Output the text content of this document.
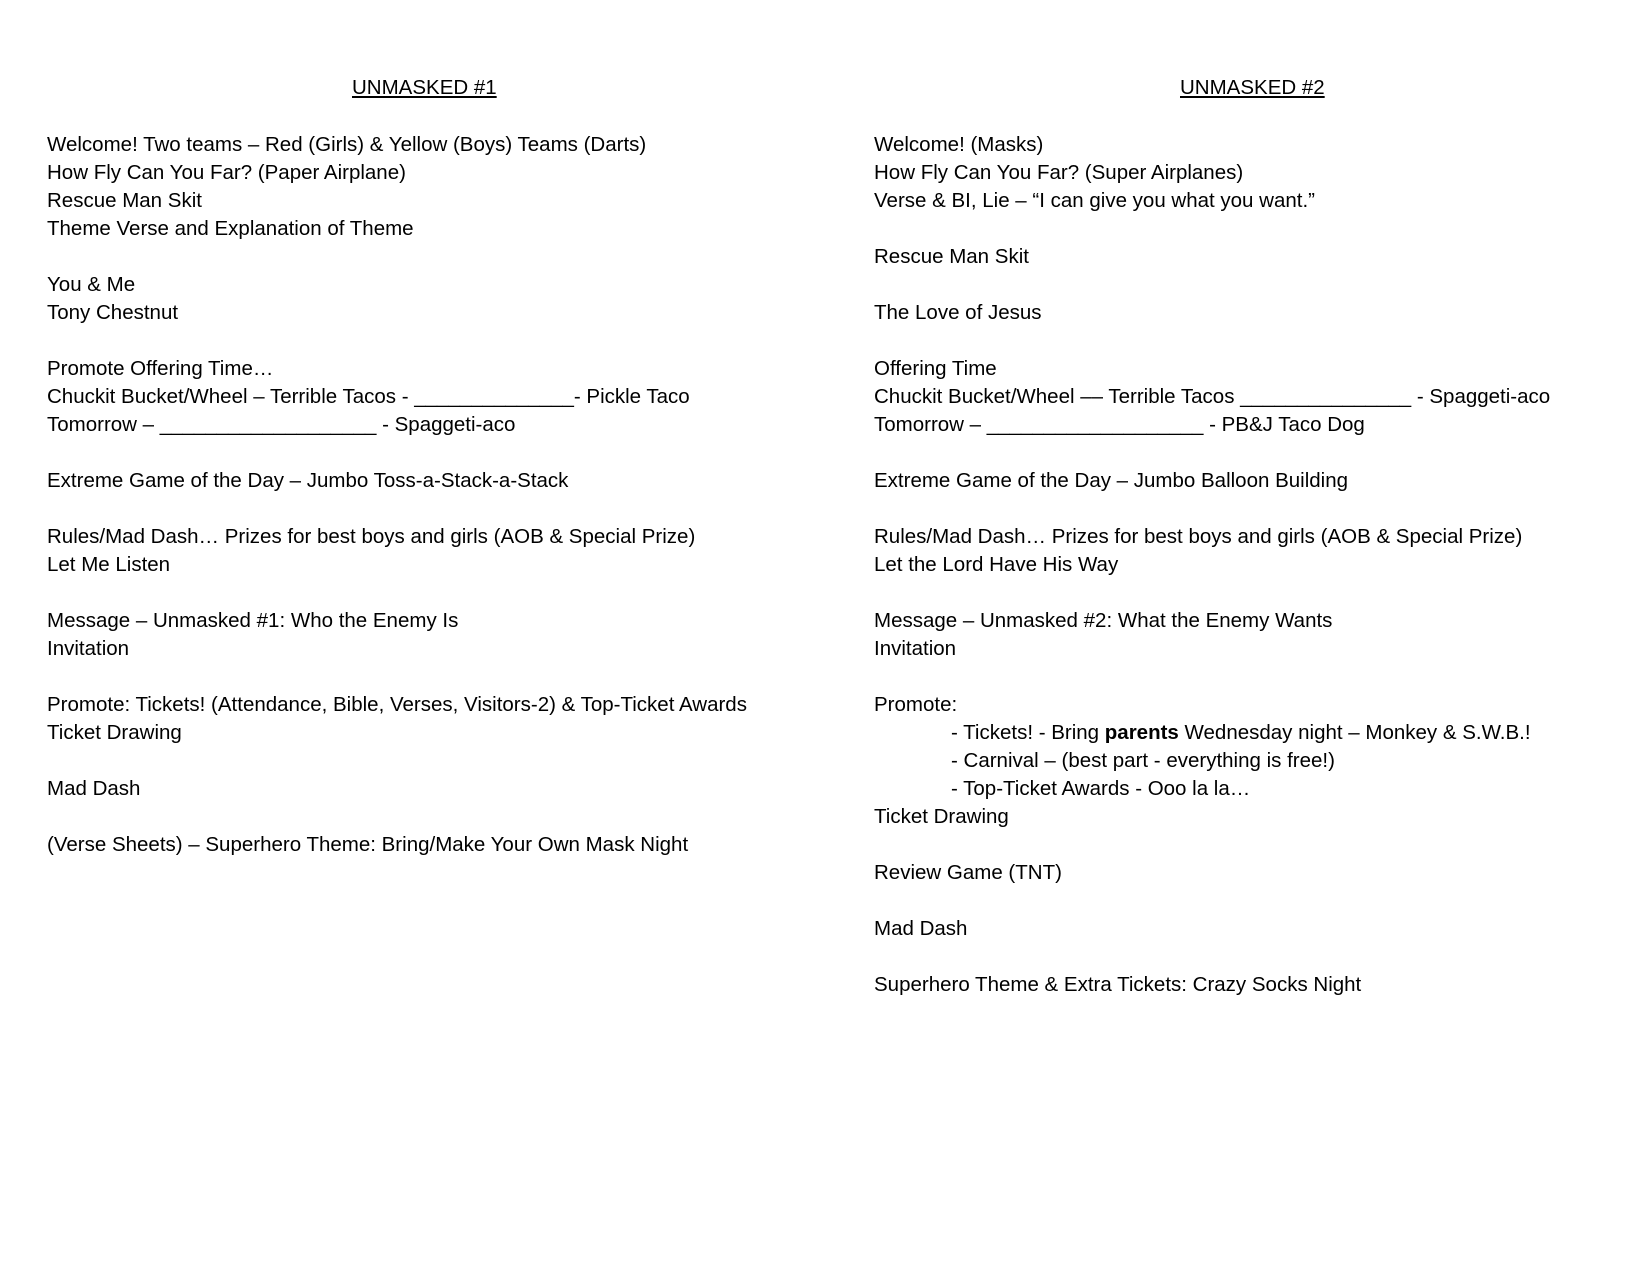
UNMASKED #1
Welcome! Two teams – Red (Girls) & Yellow (Boys) Teams (Darts)
How Fly Can You Far? (Paper Airplane)
Rescue Man Skit
Theme Verse and Explanation of Theme
You & Me
Tony Chestnut
Promote Offering Time…
Chuckit Bucket/Wheel – Terrible Tacos - ______________- Pickle Taco
Tomorrow – ___________________ - Spaggeti-aco
Extreme Game of the Day – Jumbo Toss-a-Stack-a-Stack
Rules/Mad Dash… Prizes for best boys and girls (AOB & Special Prize)
Let Me Listen
Message – Unmasked #1: Who the Enemy Is
Invitation
Promote: Tickets! (Attendance, Bible, Verses, Visitors-2) & Top-Ticket Awards
Ticket Drawing
Mad Dash
(Verse Sheets) – Superhero Theme: Bring/Make Your Own Mask Night
UNMASKED #2
Welcome! (Masks)
How Fly Can You Far? (Super Airplanes)
Verse & BI, Lie – “I can give you what you want.”
Rescue Man Skit
The Love of Jesus
Offering Time
Chuckit Bucket/Wheel –– Terrible Tacos _______________ - Spaggeti-aco
Tomorrow – ___________________ - PB&J Taco Dog
Extreme Game of the Day – Jumbo Balloon Building
Rules/Mad Dash… Prizes for best boys and girls (AOB & Special Prize)
Let the Lord Have His Way
Message – Unmasked #2: What the Enemy Wants
Invitation
Promote:
- Tickets! - Bring parents Wednesday night – Monkey & S.W.B.!
- Carnival – (best part - everything is free!)
- Top-Ticket Awards - Ooo la la…
Ticket Drawing
Review Game (TNT)
Mad Dash
Superhero Theme & Extra Tickets: Crazy Socks Night
